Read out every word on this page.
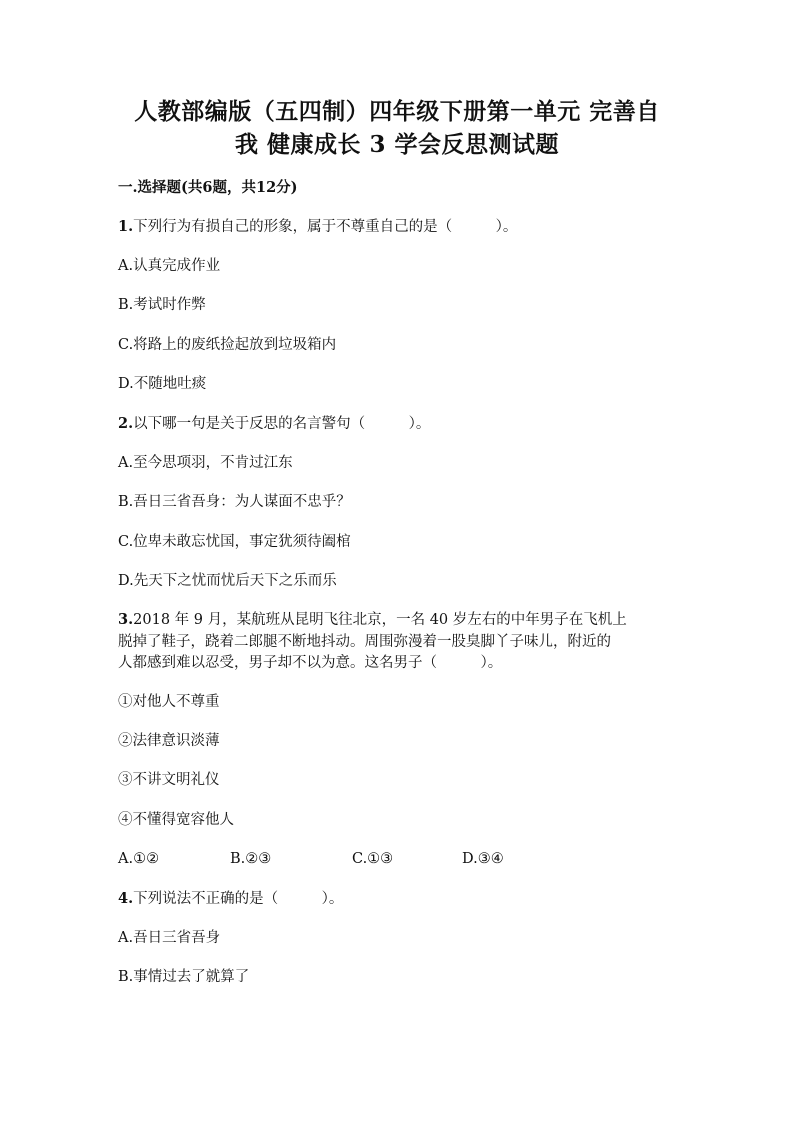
人教部编版（五四制）四年级下册第一单元 完善自
我 健康成长 3 学会反思测试题
一.选择题(共6题，共12分)
1.下列行为有损自己的形象，属于不尊重自己的是（　　　）。
A.认真完成作业
B.考试时作弊
C.将路上的废纸捡起放到垃圾箱内
D.不随地吐痰
2.以下哪一句是关于反思的名言警句（　　　）。
A.至今思项羽，不肯过江东
B.吾日三省吾身：为人谋面不忠乎？
C.位卑未敢忘忧国，事定犹须待阖棺
D.先天下之忧而忧后天下之乐而乐
3.2018 年 9 月，某航班从昆明飞往北京，一名 40 岁左右的中年男子在飞机上
脱掉了鞋子，跷着二郎腿不断地抖动。周围弥漫着一股臭脚丫子味儿，附近的
人都感到难以忍受，男子却不以为意。这名男子（　　　）。
①对他人不尊重
②法律意识淡薄
③不讲文明礼仪
④不懂得宽容他人
A.①②	B.②③	C.①③	D.③④
4.下列说法不正确的是（　　　）。
A.吾日三省吾身
B.事情过去了就算了
